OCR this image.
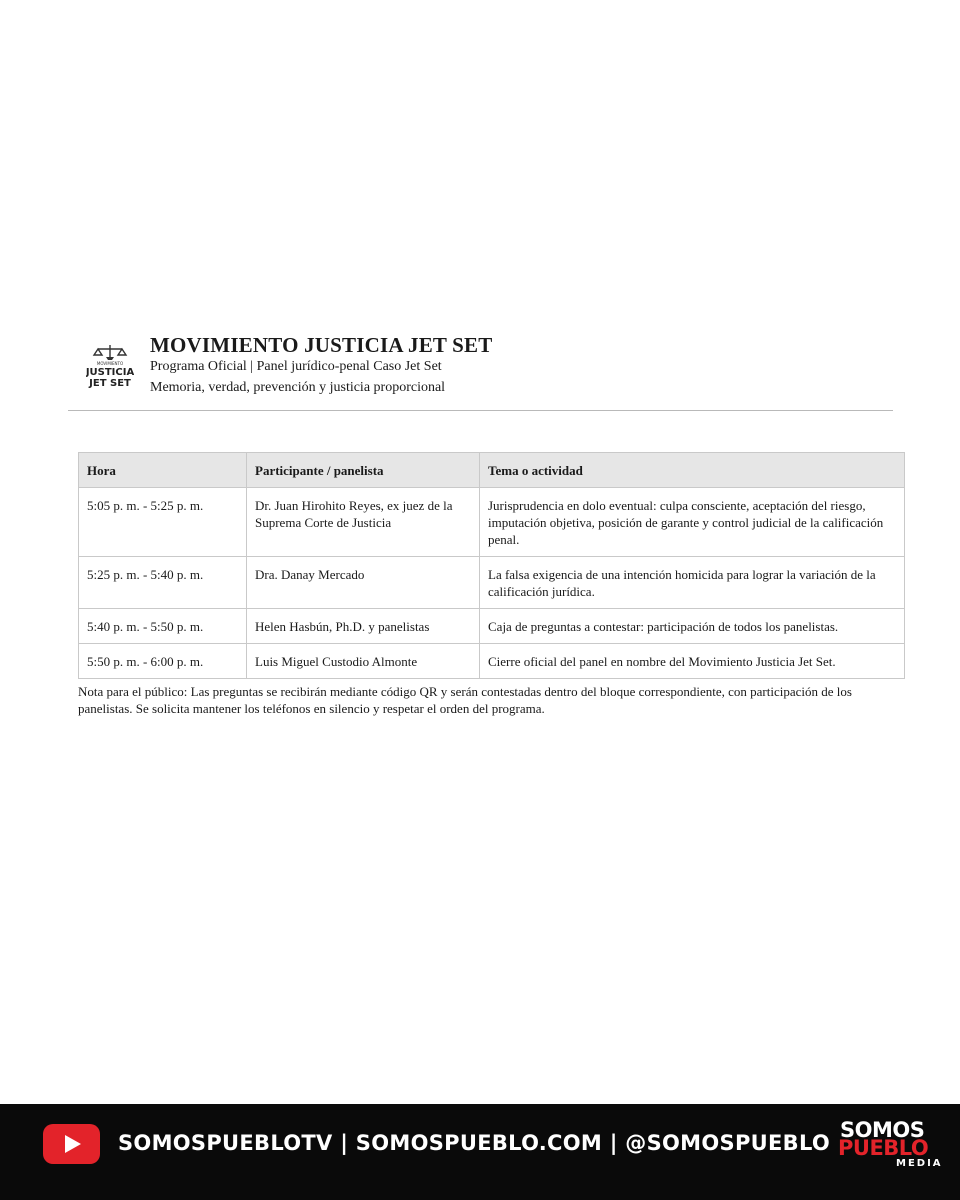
MOVIMIENTO
JUSTICIA
JET SET
MOVIMIENTO JUSTICIA JET SET
Programa Oficial | Panel jurídico-penal Caso Jet Set
Memoria, verdad, prevención y justicia proporcional
Hora	Participante / panelista	Tema o actividad
5:05 p. m. - 5:25 p. m.	Dr. Juan Hirohito Reyes, ex juez de la Suprema Corte de Justicia	Jurisprudencia en dolo eventual: culpa consciente, aceptación del riesgo, imputación objetiva, posición de garante y control judicial de la calificación penal.
5:25 p. m. - 5:40 p. m.	Dra. Danay Mercado	La falsa exigencia de una intención homicida para lograr la variación de la calificación jurídica.
5:40 p. m. - 5:50 p. m.	Helen Hasbún, Ph.D. y panelistas	Caja de preguntas a contestar: participación de todos los panelistas.
5:50 p. m. - 6:00 p. m.	Luis Miguel Custodio Almonte	Cierre oficial del panel en nombre del Movimiento Justicia Jet Set.
Nota para el público: Las preguntas se recibirán mediante código QR y serán contestadas dentro del bloque correspondiente, con participación de los panelistas. Se solicita mantener los teléfonos en silencio y respetar el orden del programa.
SOMOSPUEBLOTV | SOMOSPUEBLO.COM | @SOMOSPUEBLO
SOMOS
PUEBLO
MEDIA
